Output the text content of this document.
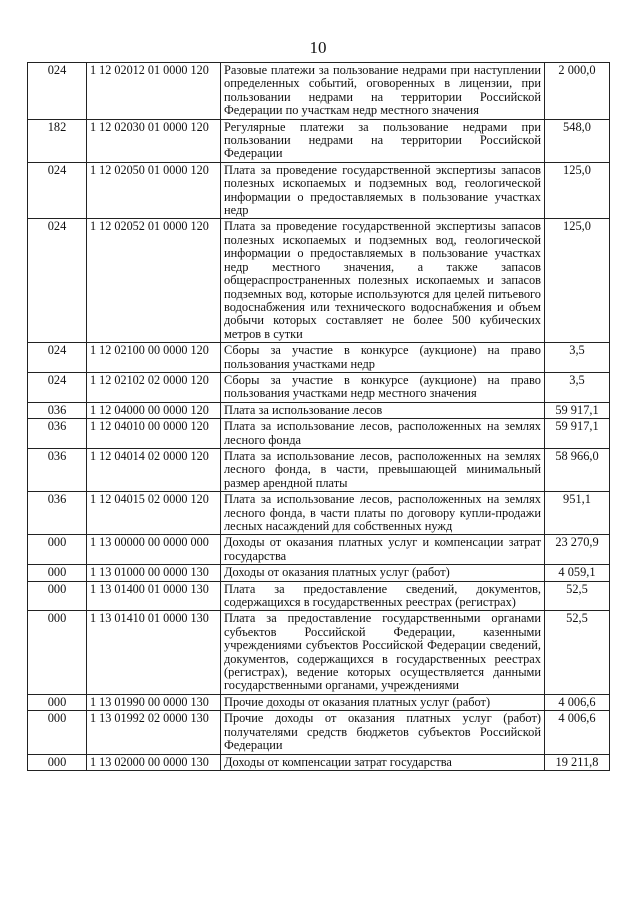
10
024	1 12 02012 01 0000 120	Разовые платежи за пользование недрами при наступлении определенных событий, оговоренных в лицензии, при пользовании недрами на территории Российской Федерации по участкам недр местного значения	2 000,0
182	1 12 02030 01 0000 120	Регулярные платежи за пользование недрами при пользовании недрами на территории Российской Федерации	548,0
024	1 12 02050 01 0000 120	Плата за проведение государственной экспертизы запасов полезных ископаемых и подземных вод, геологической информации о предоставляемых в пользование участках недр	125,0
024	1 12 02052 01 0000 120	Плата за проведение государственной экспертизы запасов полезных ископаемых и подземных вод, геологической информации о предоставляемых в пользование участках недр местного значения, а также запасов общераспространенных полезных ископаемых и запасов подземных вод, которые используются для целей питьевого водоснабжения или технического водоснабжения и объем добычи которых составляет не более 500 кубических метров в сутки	125,0
024	1 12 02100 00 0000 120	Сборы за участие в конкурсе (аукционе) на право пользования участками недр	3,5
024	1 12 02102 02 0000 120	Сборы за участие в конкурсе (аукционе) на право пользования участками недр местного значения	3,5
036	1 12 04000 00 0000 120	Плата за использование лесов	59 917,1
036	1 12 04010 00 0000 120	Плата за использование лесов, расположенных на землях лесного фонда	59 917,1
036	1 12 04014 02 0000 120	Плата за использование лесов, расположенных на землях лесного фонда, в части, превышающей минимальный размер арендной платы	58 966,0
036	1 12 04015 02 0000 120	Плата за использование лесов, расположенных на землях лесного фонда, в части платы по договору купли-продажи лесных насаждений для собственных нужд	951,1
000	1 13 00000 00 0000 000	Доходы от оказания платных услуг и компенсации затрат государства	23 270,9
000	1 13 01000 00 0000 130	Доходы от оказания платных услуг (работ)	4 059,1
000	1 13 01400 01 0000 130	Плата за предоставление сведений, документов, содержащихся в государственных реестрах (регистрах)	52,5
000	1 13 01410 01 0000 130	Плата за предоставление государственными органами субъектов Российской Федерации, казенными учреждениями субъектов Российской Федерации сведений, документов, содержащихся в государственных реестрах (регистрах), ведение которых осуществляется данными государственными органами, учреждениями	52,5
000	1 13 01990 00 0000 130	Прочие доходы от оказания платных услуг (работ)	4 006,6
000	1 13 01992 02 0000 130	Прочие доходы от оказания платных услуг (работ) получателями средств бюджетов субъектов Российской Федерации	4 006,6
000	1 13 02000 00 0000 130	Доходы от компенсации затрат государства	19 211,8
